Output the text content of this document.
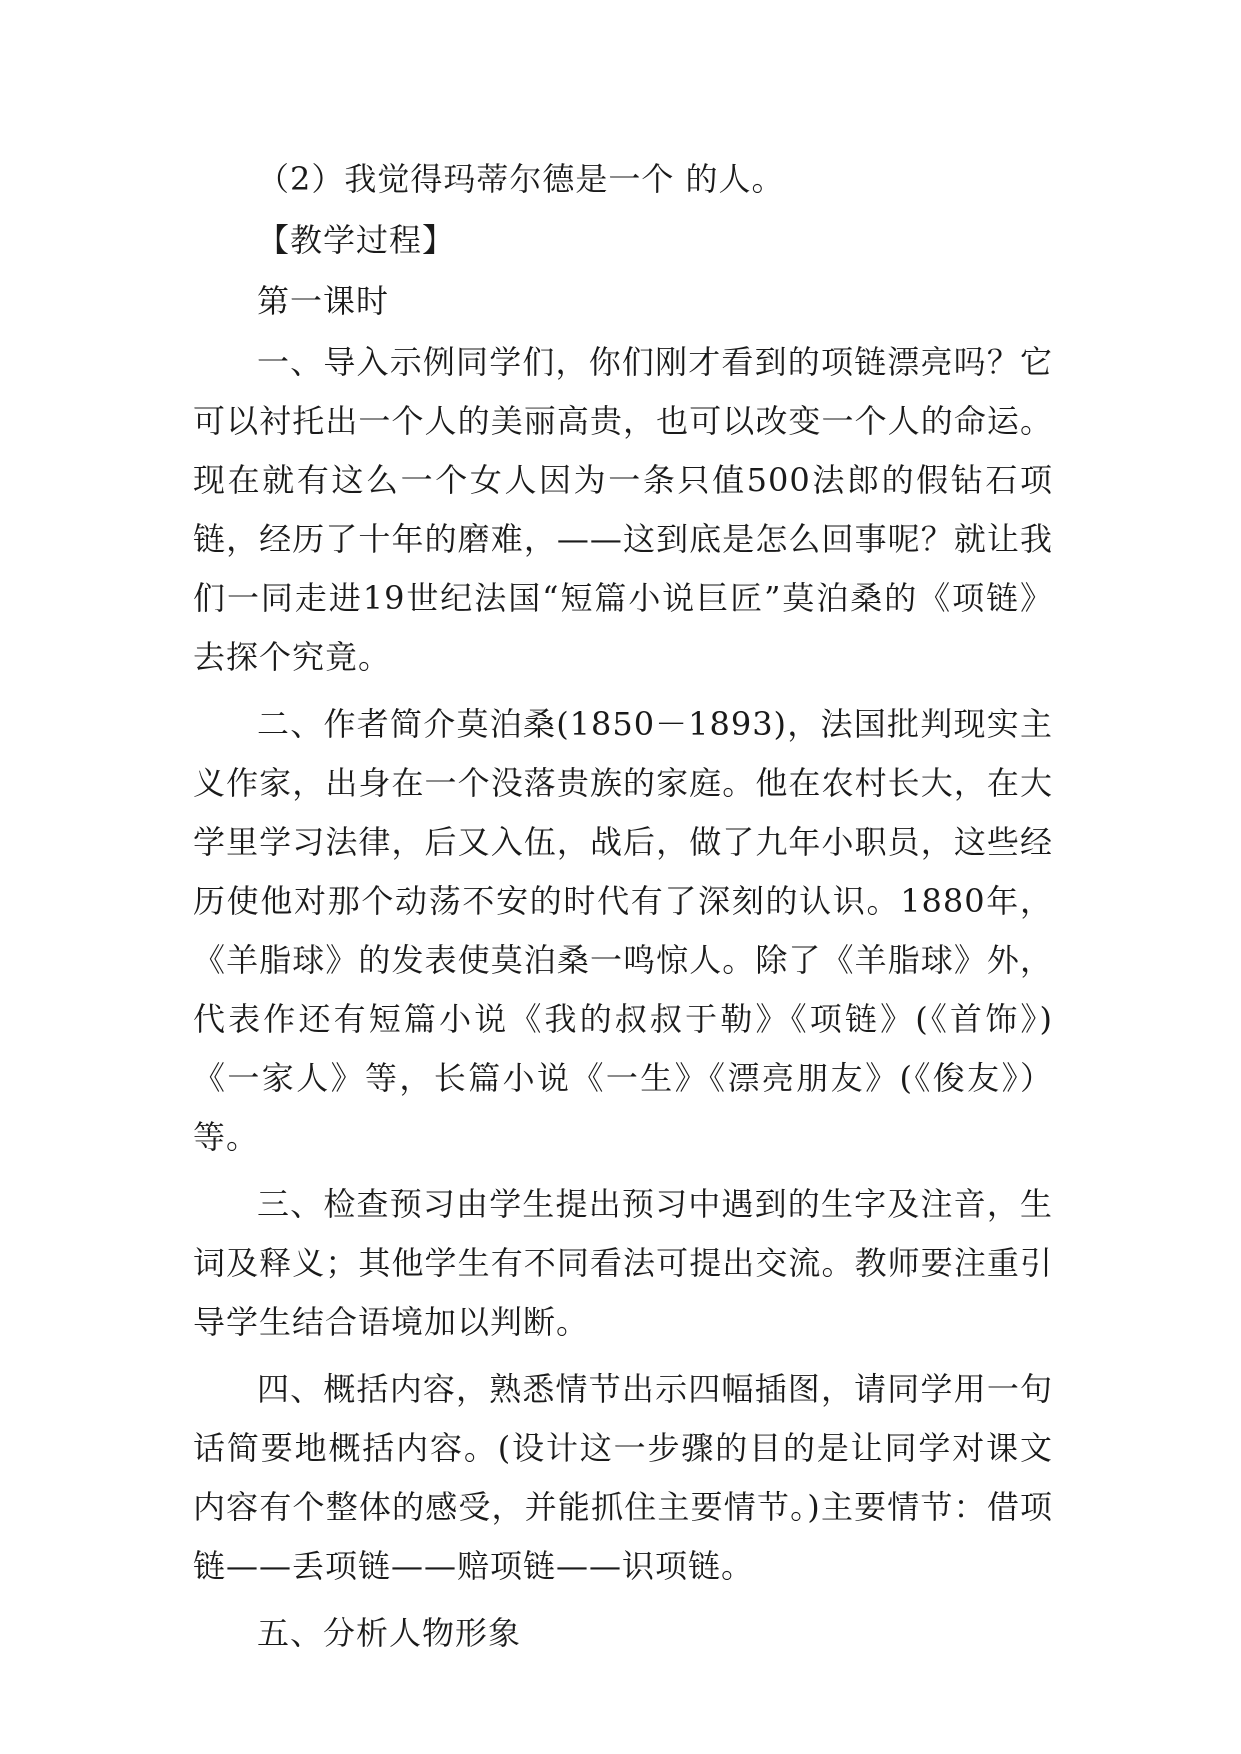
（2）我觉得玛蒂尔德是一个 的人。

【教学过程】

第一课时

一、导入示例同学们，你们刚才看到的项链漂亮吗？它可以衬托出一个人的美丽高贵，也可以改变一个人的命运。现在就有这么一个女人因为一条只值500法郎的假钻石项链，经历了十年的磨难，——这到底是怎么回事呢？就让我们一同走进19世纪法国“短篇小说巨匠”莫泊桑的《项链》去探个究竟。

二、作者简介莫泊桑(1850－1893)，法国批判现实主义作家，出身在一个没落贵族的家庭。他在农村长大，在大学里学习法律，后又入伍，战后，做了九年小职员，这些经历使他对那个动荡不安的时代有了深刻的认识。1880年，《羊脂球》的发表使莫泊桑一鸣惊人。除了《羊脂球》外，代表作还有短篇小说《我的叔叔于勒》《项链》(《首饰》)《一家人》等，长篇小说《一生》《漂亮朋友》(《俊友》）等。

三、检查预习由学生提出预习中遇到的生字及注音，生词及释义；其他学生有不同看法可提出交流。教师要注重引导学生结合语境加以判断。

四、概括内容，熟悉情节出示四幅插图，请同学用一句话简要地概括内容。(设计这一步骤的目的是让同学对课文内容有个整体的感受，并能抓住主要情节。)主要情节：借项链——丢项链——赔项链——识项链。

五、分析人物形象
